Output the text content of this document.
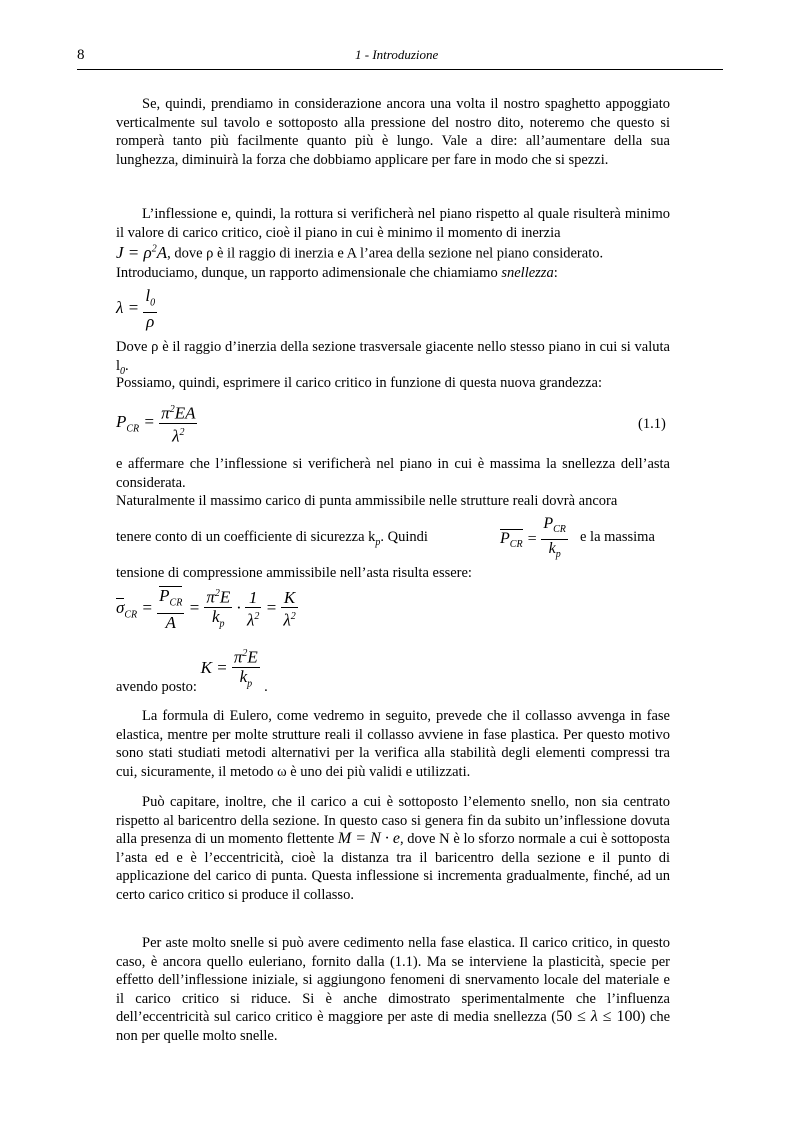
8	1 - Introduzione
Se, quindi, prendiamo in considerazione ancora una volta il nostro spaghetto appoggiato verticalmente sul tavolo e sottoposto alla pressione del nostro dito, noteremo che questo si romperà tanto più facilmente quanto più è lungo. Vale a dire: all’aumentare della sua lunghezza, diminuirà la forza che dobbiamo applicare per fare in modo che si spezzi.
L’inflessione e, quindi, la rottura si verificherà nel piano rispetto al quale risulterà minimo il valore di carico critico, cioè il piano in cui è minimo il momento di inerzia
$J = \rho^2A$, dove ρ è il raggio di inerzia e A l’area della sezione nel piano considerato.
Introduciamo, dunque, un rapporto adimensionale che chiamiamo snellezza:
$\lambda = \frac{l_0}{\rho}$
Dove ρ è il raggio d’inerzia della sezione trasversale giacente nello stesso piano in cui si valuta $l_0$.
Possiamo, quindi, esprimere il carico critico in funzione di questa nuova grandezza:
$P_{CR} = \frac{\pi^2EA}{\lambda^2}$	(1.1)
e affermare che l’inflessione si verificherà nel piano in cui è massima la snellezza dell’asta considerata.
Naturalmente il massimo carico di punta ammissibile nelle strutture reali dovrà ancora
tenere conto di un coefficiente di sicurezza $k_p$. Quindi	$P_{CR} = \frac{P_{CR}}{k_p}$ e la massima
tensione di compressione ammissibile nell’asta risulta essere:
$\sigma_{CR} = \frac{P_{CR}}{A} = \frac{\pi^2E}{k_p} \cdot \frac{1}{\lambda^2} = \frac{K}{\lambda^2}$
avendo posto: $K = \frac{\pi^2E}{k_p}$ .
La formula di Eulero, come vedremo in seguito, prevede che il collasso avvenga in fase elastica, mentre per molte strutture reali il collasso avviene in fase plastica. Per questo motivo sono stati studiati metodi alternativi per la verifica alla stabilità degli elementi compressi tra cui, sicuramente, il metodo ω è uno dei più validi e utilizzati.
Può capitare, inoltre, che il carico a cui è sottoposto l’elemento snello, non sia centrato rispetto al baricentro della sezione. In questo caso si genera fin da subito un’inflessione dovuta alla presenza di un momento flettente M = N · e, dove N è lo sforzo normale a cui è sottoposta l’asta ed e è l’eccentricità, cioè la distanza tra il baricentro della sezione e il punto di applicazione del carico di punta. Questa inflessione si incrementa gradualmente, finché, ad un certo carico critico si produce il collasso.
Per aste molto snelle si può avere cedimento nella fase elastica. Il carico critico, in questo caso, è ancora quello euleriano, fornito dalla (1.1). Ma se interviene la plasticità, specie per effetto dell’inflessione iniziale, si aggiungono fenomeni di snervamento locale del materiale e il carico critico si riduce. Si è anche dimostrato sperimentalmente che l’influenza dell’eccentricità sul carico critico è maggiore per aste di media snellezza (50 ≤ λ ≤ 100) che non per quelle molto snelle.
